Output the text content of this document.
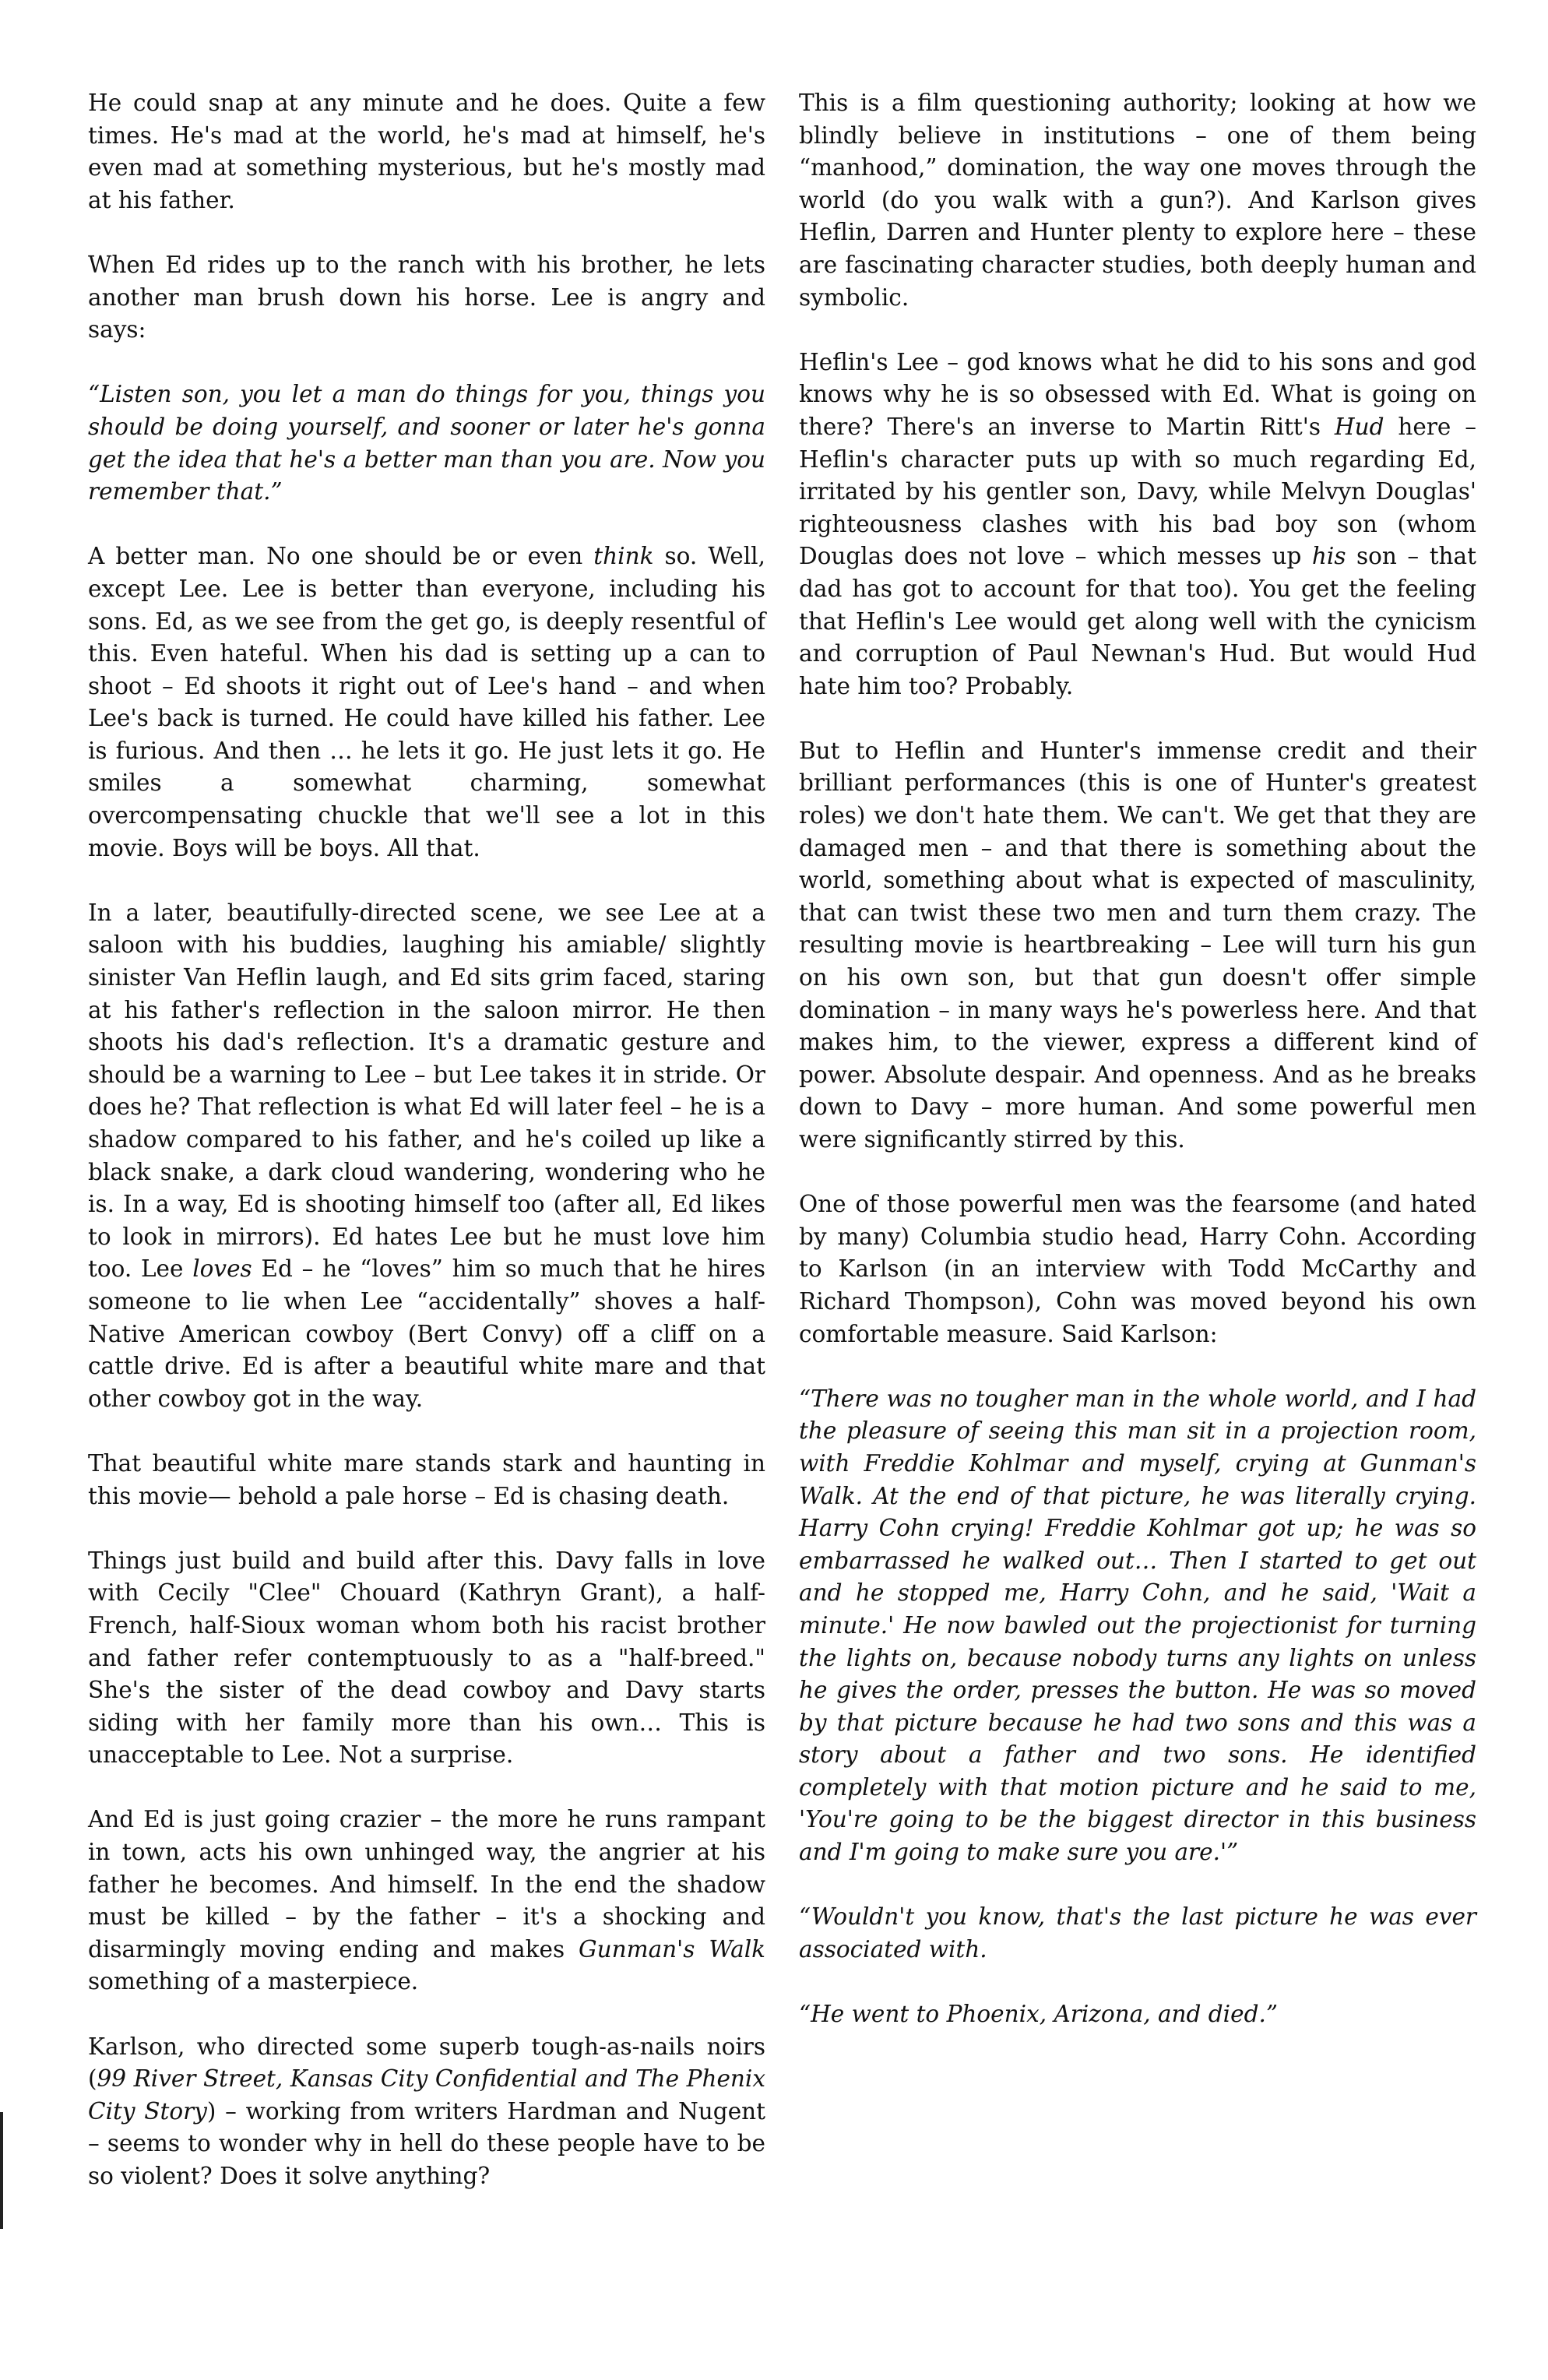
He could snap at any minute and he does. Quite a few times. He's mad at the world, he's mad at himself, he's even mad at something mysterious, but he's mostly mad at his father.

When Ed rides up to the ranch with his brother, he lets another man brush down his horse. Lee is angry and says:

“Listen son, you let a man do things for you, things you should be doing yourself, and sooner or later he's gonna get the idea that he's a better man than you are. Now you remember that.”

A better man. No one should be or even think so. Well, except Lee. Lee is better than everyone, including his sons. Ed, as we see from the get go, is deeply resentful of this. Even hateful. When his dad is setting up a can to shoot – Ed shoots it right out of Lee's hand – and when Lee's back is turned. He could have killed his father. Lee is furious. And then … he lets it go. He just lets it go. He smiles a somewhat charming, somewhat overcompensating chuckle that we'll see a lot in this movie. Boys will be boys. All that.

In a later, beautifully-directed scene, we see Lee at a saloon with his buddies, laughing his amiable/ slightly sinister Van Heflin laugh, and Ed sits grim faced, staring at his father's reflection in the saloon mirror. He then shoots his dad's reflection. It's a dramatic gesture and should be a warning to Lee – but Lee takes it in stride. Or does he? That reflection is what Ed will later feel – he is a shadow compared to his father, and he's coiled up like a black snake, a dark cloud wandering, wondering who he is. In a way, Ed is shooting himself too (after all, Ed likes to look in mirrors). Ed hates Lee but he must love him too. Lee loves Ed – he “loves” him so much that he hires someone to lie when Lee “accidentally” shoves a half-Native American cowboy (Bert Convy) off a cliff on a cattle drive. Ed is after a beautiful white mare and that other cowboy got in the way.

That beautiful white mare stands stark and haunting in this movie— behold a pale horse – Ed is chasing death.

Things just build and build after this. Davy falls in love with Cecily "Clee" Chouard (Kathryn Grant), a half-French, half-Sioux woman whom both his racist brother and father refer contemptuously to as a "half-breed." She's the sister of the dead cowboy and Davy starts siding with her family more than his own… This is unacceptable to Lee. Not a surprise.

And Ed is just going crazier – the more he runs rampant in town, acts his own unhinged way, the angrier at his father he becomes. And himself. In the end the shadow must be killed – by the father – it's a shocking and disarmingly moving ending and makes Gunman's Walk something of a masterpiece.

Karlson, who directed some superb tough-as-nails noirs (99 River Street, Kansas City Confidential and The Phenix City Story) – working from writers Hardman and Nugent – seems to wonder why in hell do these people have to be so violent? Does it solve anything?

This is a film questioning authority; looking at how we blindly believe in institutions – one of them being “manhood,” domination, the way one moves through the world (do you walk with a gun?). And Karlson gives Heflin, Darren and Hunter plenty to explore here – these are fascinating character studies, both deeply human and symbolic.

Heflin's Lee – god knows what he did to his sons and god knows why he is so obsessed with Ed. What is going on there? There's an inverse to Martin Ritt's Hud here – Heflin's character puts up with so much regarding Ed, irritated by his gentler son, Davy, while Melvyn Douglas' righteousness clashes with his bad boy son (whom Douglas does not love – which messes up his son – that dad has got to account for that too). You get the feeling that Heflin's Lee would get along well with the cynicism and corruption of Paul Newnan's Hud. But would Hud hate him too? Probably.

But to Heflin and Hunter's immense credit and their brilliant performances (this is one of Hunter's greatest roles) we don't hate them. We can't. We get that they are damaged men – and that there is something about the world, something about what is expected of masculinity, that can twist these two men and turn them crazy. The resulting movie is heartbreaking – Lee will turn his gun on his own son, but that gun doesn't offer simple domination – in many ways he's powerless here. And that makes him, to the viewer, express a different kind of power. Absolute despair. And openness. And as he breaks down to Davy – more human. And some powerful men were significantly stirred by this.

One of those powerful men was the fearsome (and hated by many) Columbia studio head, Harry Cohn. According to Karlson (in an interview with Todd McCarthy and Richard Thompson), Cohn was moved beyond his own comfortable measure. Said Karlson:

“There was no tougher man in the whole world, and I had the pleasure of seeing this man sit in a projection room, with Freddie Kohlmar and myself, crying at Gunman's Walk. At the end of that picture, he was literally crying. Harry Cohn crying! Freddie Kohlmar got up; he was so embarrassed he walked out… Then I started to get out and he stopped me, Harry Cohn, and he said, 'Wait a minute.' He now bawled out the projectionist for turning the lights on, because nobody turns any lights on unless he gives the order, presses the button. He was so moved by that picture because he had two sons and this was a story about a father and two sons. He identified completely with that motion picture and he said to me, 'You're going to be the biggest director in this business and I'm going to make sure you are.'”

“Wouldn't you know, that's the last picture he was ever associated with.

“He went to Phoenix, Arizona, and died.”
